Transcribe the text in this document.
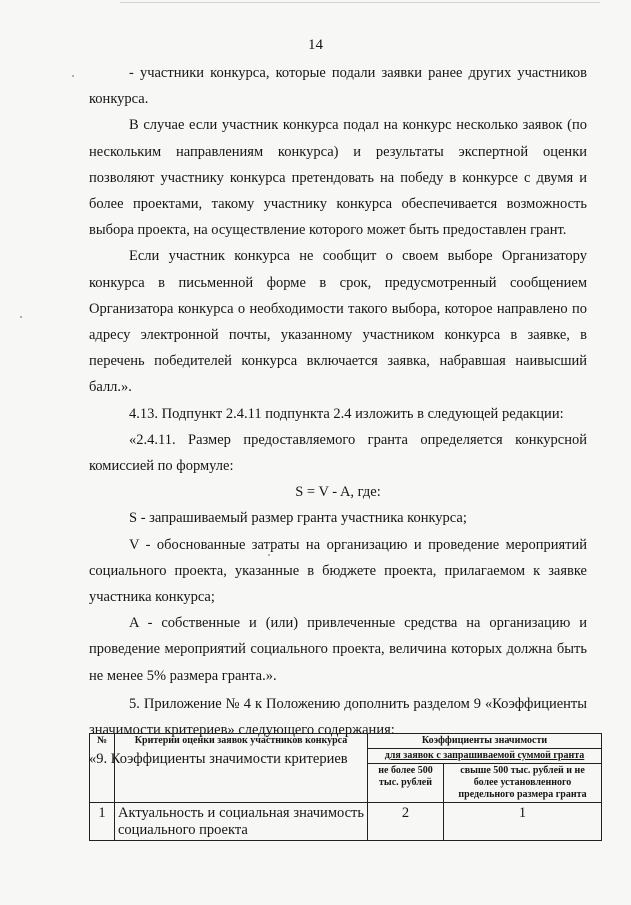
14

- участники конкурса, которые подали заявки ранее других участников конкурса.

В случае если участник конкурса подал на конкурс несколько заявок (по нескольким направлениям конкурса) и результаты экспертной оценки позволяют участнику конкурса претендовать на победу в конкурсе с двумя и более проектами, такому участнику конкурса обеспечивается возможность выбора проекта, на осуществление которого может быть предоставлен грант.

Если участник конкурса не сообщит о своем выборе Организатору конкурса в письменной форме в срок, предусмотренный сообщением Организатора конкурса о необходимости такого выбора, которое направлено по адресу электронной почты, указанному участником конкурса в заявке, в перечень победителей конкурса включается заявка, набравшая наивысший балл.».

4.13. Подпункт 2.4.11 подпункта 2.4 изложить в следующей редакции:

«2.4.11. Размер предоставляемого гранта определяется конкурсной комиссией по формуле:

S = V - A, где:

S - запрашиваемый размер гранта участника конкурса;

V - обоснованные затраты на организацию и проведение мероприятий социального проекта, указанные в бюджете проекта, прилагаемом к заявке участника конкурса;

A - собственные и (или) привлеченные средства на организацию и проведение мероприятий социального проекта, величина которых должна быть не менее 5% размера гранта.».

5. Приложение № 4 к Положению дополнить разделом 9 «Коэффициенты значимости критериев» следующего содержания:

«9. Коэффициенты значимости критериев

№	Критерии оценки заявок участников конкурса	Коэффициенты значимости	
		для заявок с запрашиваемой суммой гранта	
		не более 500 тыс. рублей	свыше 500 тыс. рублей и не более установленного предельного размера гранта
1	Актуальность и социальная значимость социального проекта	2	1
